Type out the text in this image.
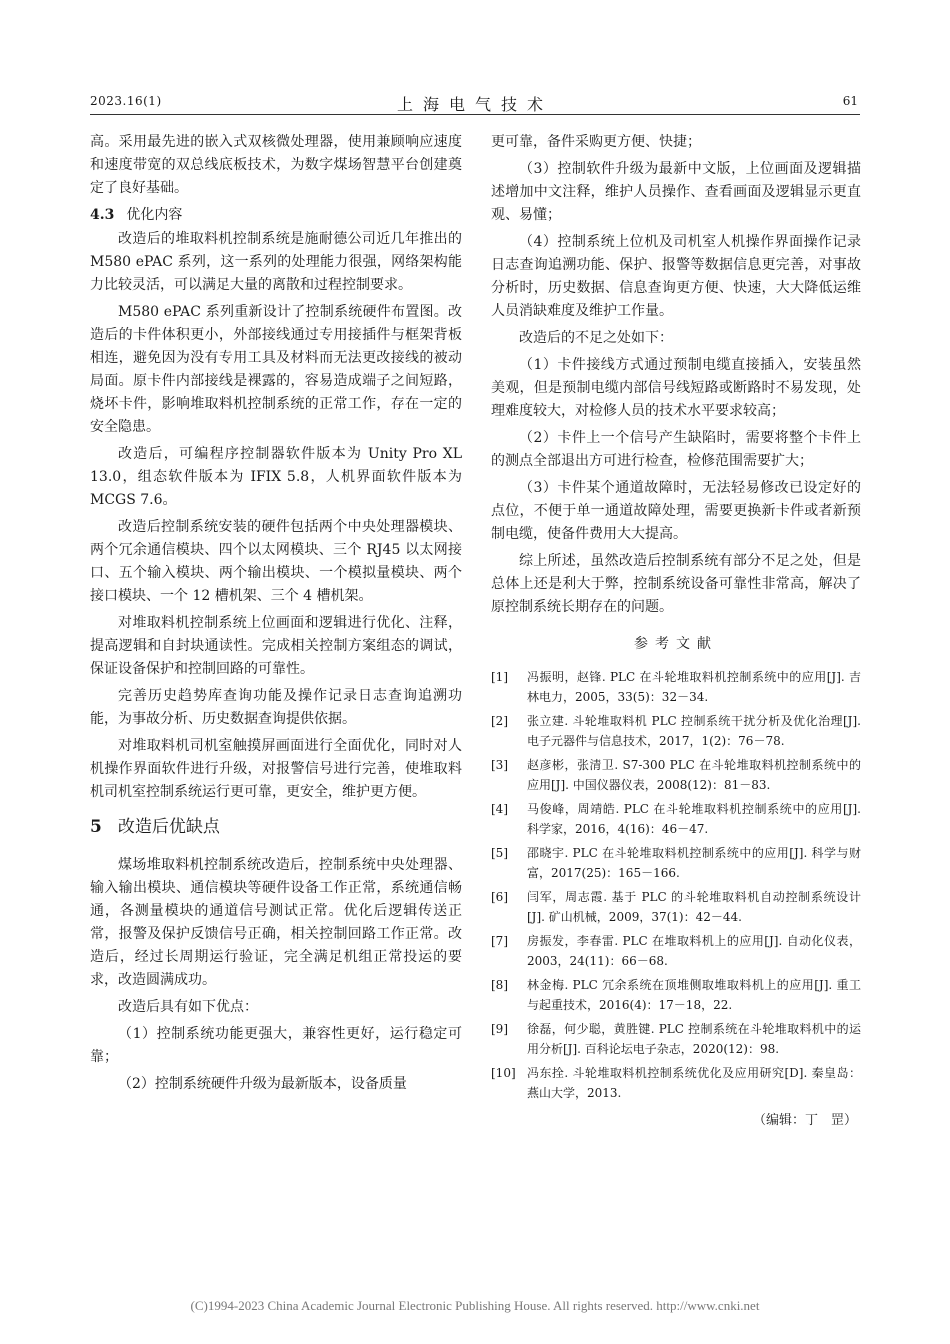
2023.16(1)	上海电气技术	61

高。采用最先进的嵌入式双核微处理器，使用兼顾响应速度和速度带宽的双总线底板技术，为数字煤场智慧平台创建奠定了良好基础。

4.3 优化内容

改造后的堆取料机控制系统是施耐德公司近几年推出的 M580 ePAC 系列，这一系列的处理能力很强，网络架构能力比较灵活，可以满足大量的离散和过程控制要求。

M580 ePAC 系列重新设计了控制系统硬件布置图。改造后的卡件体积更小，外部接线通过专用接插件与框架背板相连，避免因为没有专用工具及材料而无法更改接线的被动局面。原卡件内部接线是裸露的，容易造成端子之间短路，烧坏卡件，影响堆取料机控制系统的正常工作，存在一定的安全隐患。

改造后，可编程序控制器软件版本为 Unity Pro XL 13.0，组态软件版本为 IFIX 5.8，人机界面软件版本为 MCGS 7.6。

改造后控制系统安装的硬件包括两个中央处理器模块、两个冗余通信模块、四个以太网模块、三个 RJ45 以太网接口、五个输入模块、两个输出模块、一个模拟量模块、两个接口模块、一个 12 槽机架、三个 4 槽机架。

对堆取料机控制系统上位画面和逻辑进行优化、注释，提高逻辑和自封块通读性。完成相关控制方案组态的调试，保证设备保护和控制回路的可靠性。

完善历史趋势库查询功能及操作记录日志查询追溯功能，为事故分析、历史数据查询提供依据。

对堆取料机司机室触摸屏画面进行全面优化，同时对人机操作界面软件进行升级，对报警信号进行完善，使堆取料机司机室控制系统运行更可靠，更安全，维护更方便。

5 改造后优缺点

煤场堆取料机控制系统改造后，控制系统中央处理器、输入输出模块、通信模块等硬件设备工作正常，系统通信畅通，各测量模块的通道信号测试正常。优化后逻辑传送正常，报警及保护反馈信号正确，相关控制回路工作正常。改造后，经过长周期运行验证，完全满足机组正常投运的要求，改造圆满成功。

改造后具有如下优点：

（1）控制系统功能更强大，兼容性更好，运行稳定可靠；

（2）控制系统硬件升级为最新版本，设备质量

更可靠，备件采购更方便、快捷；

（3）控制软件升级为最新中文版，上位画面及逻辑描述增加中文注释，维护人员操作、查看画面及逻辑显示更直观、易懂；

（4）控制系统上位机及司机室人机操作界面操作记录日志查询追溯功能、保护、报警等数据信息更完善，对事故分析时，历史数据、信息查询更方便、快速，大大降低运维人员消缺难度及维护工作量。

改造后的不足之处如下：

（1）卡件接线方式通过预制电缆直接插入，安装虽然美观，但是预制电缆内部信号线短路或断路时不易发现，处理难度较大，对检修人员的技术水平要求较高；

（2）卡件上一个信号产生缺陷时，需要将整个卡件上的测点全部退出方可进行检查，检修范围需要扩大；

（3）卡件某个通道故障时，无法轻易修改已设定好的点位，不便于单一通道故障处理，需要更换新卡件或者新预制电缆，使备件费用大大提高。

综上所述，虽然改造后控制系统有部分不足之处，但是总体上还是利大于弊，控制系统设备可靠性非常高，解决了原控制系统长期存在的问题。

参考文献
[1]	冯振明，赵锋. PLC 在斗轮堆取料机控制系统中的应用[J]. 吉林电力，2005，33(5)：32－34.
[2]	张立建. 斗轮堆取料机 PLC 控制系统干扰分析及优化治理[J]. 电子元器件与信息技术，2017，1(2)：76－78.
[3]	赵彦彬，张清卫. S7-300 PLC 在斗轮堆取料机控制系统中的应用[J]. 中国仪器仪表，2008(12)：81－83.
[4]	马俊峰，周靖皓. PLC 在斗轮堆取料机控制系统中的应用[J]. 科学家，2016，4(16)：46－47.
[5]	邵晓宇. PLC 在斗轮堆取料机控制系统中的应用[J]. 科学与财富，2017(25)：165－166.
[6]	闫军，周志霞. 基于 PLC 的斗轮堆取料机自动控制系统设计[J]. 矿山机械，2009，37(1)：42－44.
[7]	房振发，李春雷. PLC 在堆取料机上的应用[J]. 自动化仪表，2003，24(11)：66－68.
[8]	林金梅. PLC 冗余系统在顶堆侧取堆取料机上的应用[J]. 重工与起重技术，2016(4)：17－18，22.
[9]	徐磊，何少聪，黄胜键. PLC 控制系统在斗轮堆取料机中的运用分析[J]. 百科论坛电子杂志，2020(12)：98.
[10] 冯东拴. 斗轮堆取料机控制系统优化及应用研究[D]. 秦皇岛：燕山大学，2013.
（编辑：丁　罡）
(C)1994-2023 China Academic Journal Electronic Publishing House. All rights reserved. http://www.cnki.net
